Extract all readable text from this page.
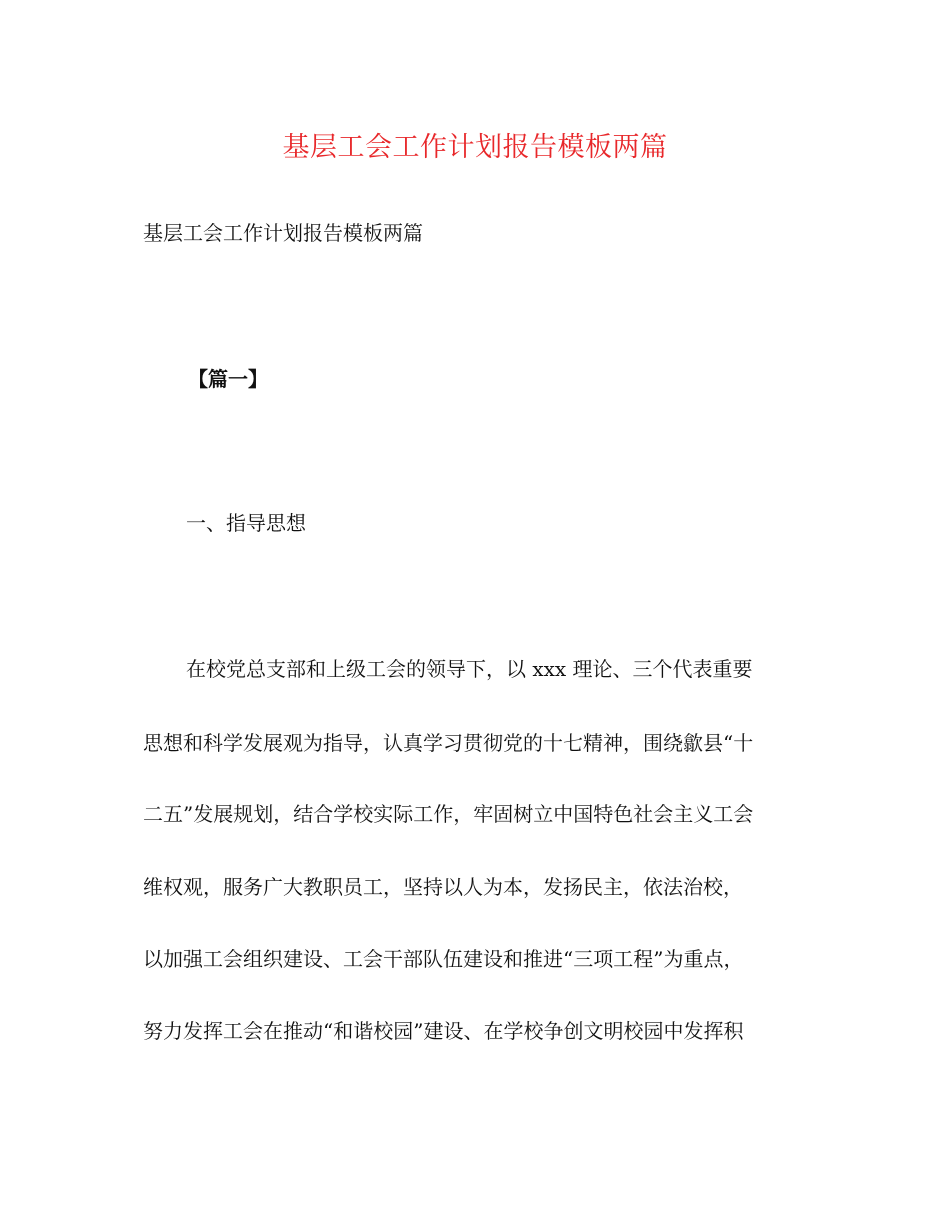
基层工会工作计划报告模板两篇
基层工会工作计划报告模板两篇
【篇一】
一、指导思想
在校党总支部和上级工会的领导下，以 xxx 理论、三个代表重要
思想和科学发展观为指导，认真学习贯彻党的十七精神，围绕歙县“十
二五”发展规划，结合学校实际工作，牢固树立中国特色社会主义工会
维权观，服务广大教职员工，坚持以人为本，发扬民主，依法治校，
以加强工会组织建设、工会干部队伍建设和推进“三项工程”为重点，
努力发挥工会在推动“和谐校园”建设、在学校争创文明校园中发挥积
